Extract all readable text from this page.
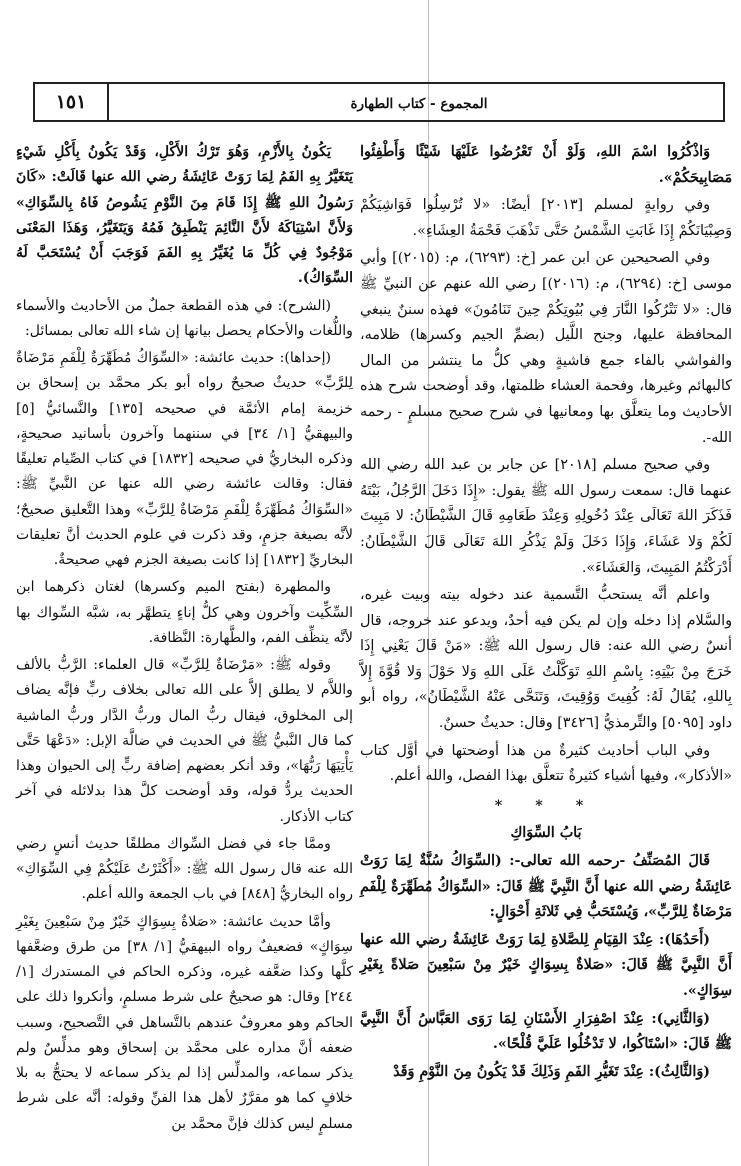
١٥١	المجموع - كتاب الطهارة

وَاذْكُرُوا اسْمَ اللهِ، وَلَوْ أَنْ تَعْرُضُوا عَلَيْهَا شَيْئًا وَأَطْفِئُوا مَصَابِيحَكُمْ».

وفي روايةٍ لمسلم [٢٠١٣] أيضًا: «لا تُرْسِلُوا فَوَاشِيَكُمْ وَصِبْيَانَكُمْ إِذَا غَابَتِ الشَّمْسُ حَتَّى تَذْهَبَ فَحْمَةُ العِشَاءِ».

وفي الصحيحين عن ابن عمر [خ: (٦٢٩٣)، م: (٢٠١٥)] وأبي موسى [خ: (٦٢٩٤)، م: (٢٠١٦)] رضي الله عنهم عن النبيِّ ﷺ قال: «لا تَتْرُكُوا النَّارَ فِي بُيُوتِكُمْ حِينَ تَنَامُونَ» فهذه سننٌ ينبغي المحافظة عليها، وجنح اللَّيل (بضمِّ الجيم وكسرها) ظلامه، والفواشي بالفاء جمع فاشيةٍ وهي كلُّ ما ينتشر من المال كالبهائم وغيرها، وفحمة العشاء ظلمتها، وقد أوضحت شرح هذه الأحاديث وما يتعلَّق بها ومعانيها في شرح صحيح مسلمٍ - رحمه الله-.

وفي صحيح مسلم [٢٠١٨] عن جابر بن عبد الله رضي الله عنهما قال: سمعت رسول الله ﷺ يقول: «إِذَا دَخَلَ الرَّجُلُ، بَيْتَهُ فَذَكَرَ اللهَ تَعَالَى عِنْدَ دُخُولِهِ وَعِنْدَ طَعَامِهِ قَالَ الشَّيْطَانُ: لا مَبِيتَ لَكُمْ وَلا عَشَاءَ، وَإِذَا دَخَلَ وَلَمْ يَذْكُرِ اللهَ تَعَالَى قَالَ الشَّيْطَانُ: أَدْرَكْتُمُ المَبِيتَ، وَالعَشَاءَ».

واعلم أنَّه يستحبُّ التَّسمية عند دخوله بيته وبيت غيره، والسَّلام إذا دخله وإن لم يكن فيه أحدٌ، ويدعو عند خروجه، قال أنسٌ رضي الله عنه: قال رسول الله ﷺ: «مَنْ قَالَ يَعْنِي إِذَا خَرَجَ مِنْ بَيْتِهِ: بِاسْمِ اللهِ تَوَكَّلْتُ عَلَى اللهِ وَلا حَوْلَ وَلا قُوَّةَ إِلاَّ بِاللهِ، يُقَالُ لَهُ: كُفِيتَ وَوُقِيتَ، وَتَنَحَّى عَنْهُ الشَّيْطَانُ»، رواه أبو داود [٥٠٩٥] والتِّرمذيُّ [٣٤٢٦] وقال: حديثٌ حسنٌ.

وفي الباب أحاديث كثيرةٌ من هذا أوضحتها في أوَّل كتاب «الأذكار»، وفيها أشياء كثيرةٌ تتعلَّق بهذا الفصل، والله أعلم.

* * *

بَابُ السِّوَاكِ

قَالَ المُصَنِّفُ -رحمه الله تعالى-: (السِّوَاكُ سُنَّةٌ لِمَا رَوَتْ عَائِشَةُ رضي الله عنها أَنَّ النَّبِيَّ ﷺ قَالَ: «السِّوَاكُ مُطَهِّرَةٌ لِلْفَمِ مَرْضَاةٌ لِلرَّبِّ»، وَيُسْتَحَبُّ فِي ثَلاثَةِ أَحْوَالٍ:

(أَحَدُهَا): عِنْدَ القِيَامِ لِلصَّلاةِ لِمَا رَوَتْ عَائِشَةُ رضي الله عنها أَنَّ النَّبِيَّ ﷺ قَالَ: «صَلاةٌ بِسِوَاكٍ خَيْرٌ مِنْ سَبْعِينَ صَلاةً بِغَيْرِ سِوَاكٍ».

(وَالثَّانِي): عِنْدَ اصْفِرَارِ الأَسْنَانِ لِمَا رَوَى العَبَّاسُ أَنَّ النَّبِيَّ ﷺ قَالَ: «اسْتَاكُوا، لا تَدْخُلُوا عَلَيَّ قُلْحًا».

(وَالثَّالِثُ): عِنْدَ تَغَيُّرِ الفَمِ وَذَلِكَ قَدْ يَكُونُ مِنَ النَّوْمِ وَقَدْ

يَكُونُ بِالأَزْمِ، وَهُوَ تَرْكُ الأَكْلِ، وَقَدْ يَكُونُ بِأَكْلِ شَيْءٍ يَتَغَيَّرُ بِهِ الفَمُ لِمَا رَوَتْ عَائِشَةُ رضي الله عنها قَالَتْ: «كَانَ رَسُولُ اللهِ ﷺ إِذَا قَامَ مِنَ النَّوْمِ يَشُوصُ فَاهُ بِالسِّوَاكِ» وَلأَنَّ اسْتِيَاكَهُ لأَنَّ النَّائِمَ يَنْطَبِقُ فَمُهُ وَيَتَغَيَّرُ، وَهَذَا المَعْنَى مَوْجُودٌ فِي كُلِّ مَا يُغَيِّرُ بِهِ الفَمَ فَوَجَبَ أَنْ يُسْتَحَبَّ لَهُ السِّوَاكُ).

(الشرح): في هذه القطعة جملٌ من الأحاديث والأسماء واللُّغات والأحكام يحصل بيانها إن شاء الله تعالى بمسائل:

(إحداها): حديث عائشة: «السِّوَاكُ مُطَهِّرَةٌ لِلْفَمِ مَرْضَاةٌ لِلرَّبِّ» حديثٌ صحيحٌ رواه أبو بكر محمَّد بن إسحاق بن خزيمة إمام الأئمَّة في صحيحه [١٣٥] والنَّسائيُّ [٥] والبيهقيُّ [١/ ٣٤] في سننهما وآخرون بأسانيد صحيحةٍ، وذكره البخاريُّ في صحيحه [١٨٣٢] في كتاب الصِّيام تعليقًا فقال: وقالت عائشة رضي الله عنها عن النَّبيِّ ﷺ: «السِّوَاكُ مُطَهِّرَةٌ لِلْفَمِ مَرْضَاةٌ لِلرَّبِّ» وهذا التَّعليق صحيحٌ؛ لأنَّه بصيغة جزمٍ، وقد ذكرت في علوم الحديث أنَّ تعليقات البخاريِّ [١٨٣٢] إذا كانت بصيغة الجزم فهي صحيحةٌ.

والمطهرة (بفتح الميم وكسرها) لغتان ذكرهما ابن السِّكِّيت وآخرون وهي كلُّ إناءٍ يتطهَّر به، شبَّه السِّواك بها لأنَّه ينظِّف الفم، والطَّهارة: النَّظافة.

وقوله ﷺ: «مَرْضَاةٌ لِلرَّبِّ» قال العلماء: الرَّبُّ بالألف واللاَّم لا يطلق إلاَّ على الله تعالى بخلاف ربٍّ فإنَّه يضاف إلى المخلوق، فيقال ربُّ المال وربُّ الدَّار وربُّ الماشية كما قال النَّبيُّ ﷺ في الحديث في ضالَّة الإبل: «دَعْهَا حَتَّى يَأْتِيَهَا رَبُّهَا»، وقد أنكر بعضهم إضافة ربٍّ إلى الحيوان وهذا الحديث يردُّ قوله، وقد أوضحت كلَّ هذا بدلائله في آخر كتاب الأذكار.

وممَّا جاء في فضل السِّواك مطلقًا حديث أنسٍ رضي الله عنه قال رسول الله ﷺ: «أَكْثَرْتُ عَلَيْكُمْ فِي السِّوَاكِ» رواه البخاريُّ [٨٤٨] في باب الجمعة والله أعلم.

وأمَّا حديث عائشة: «صَلاةٌ بِسِوَاكٍ خَيْرٌ مِنْ سَبْعِينَ بِغَيْرِ سِوَاكٍ» فضعيفٌ رواه البيهقيُّ [١/ ٣٨] من طرق وضعَّفها كلَّها وكذا ضعَّفه غيره، وذكره الحاكم في المستدرك [١/ ٢٤٤] وقال: هو صحيحٌ على شرط مسلمٍ، وأنكروا ذلك على الحاكم وهو معروفٌ عندهم بالتَّساهل في التَّصحيح، وسبب ضعفه أنَّ مداره على محمَّد بن إسحاق وهو مدلِّسٌ ولم يذكر سماعه، والمدلِّس إذا لم يذكر سماعه لا يحتجُّ به بلا خلافٍ كما هو مقرَّرٌ لأهل هذا الفنِّ وقوله: أنَّه على شرط مسلمٍ ليس كذلك فإنَّ محمَّد بن
